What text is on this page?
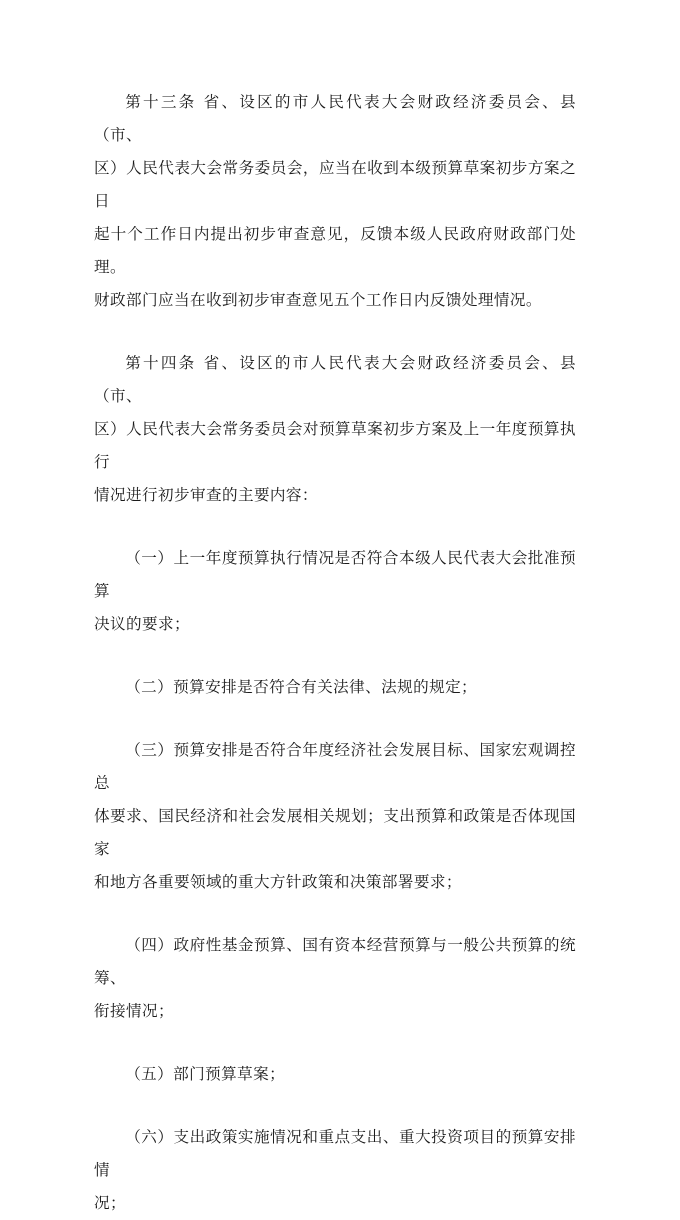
第十三条 省、设区的市人民代表大会财政经济委员会、县（市、
区）人民代表大会常务委员会，应当在收到本级预算草案初步方案之日
起十个工作日内提出初步审查意见，反馈本级人民政府财政部门处理。
财政部门应当在收到初步审查意见五个工作日内反馈处理情况。

第十四条 省、设区的市人民代表大会财政经济委员会、县（市、
区）人民代表大会常务委员会对预算草案初步方案及上一年度预算执行
情况进行初步审查的主要内容：

（一）上一年度预算执行情况是否符合本级人民代表大会批准预算
决议的要求；

（二）预算安排是否符合有关法律、法规的规定；

（三）预算安排是否符合年度经济社会发展目标、国家宏观调控总
体要求、国民经济和社会发展相关规划；支出预算和政策是否体现国家
和地方各重要领域的重大方针政策和决策部署要求；

（四）政府性基金预算、国有资本经营预算与一般公共预算的统筹、
衔接情况；

（五）部门预算草案；

（六）支出政策实施情况和重点支出、重大投资项目的预算安排情
况；
